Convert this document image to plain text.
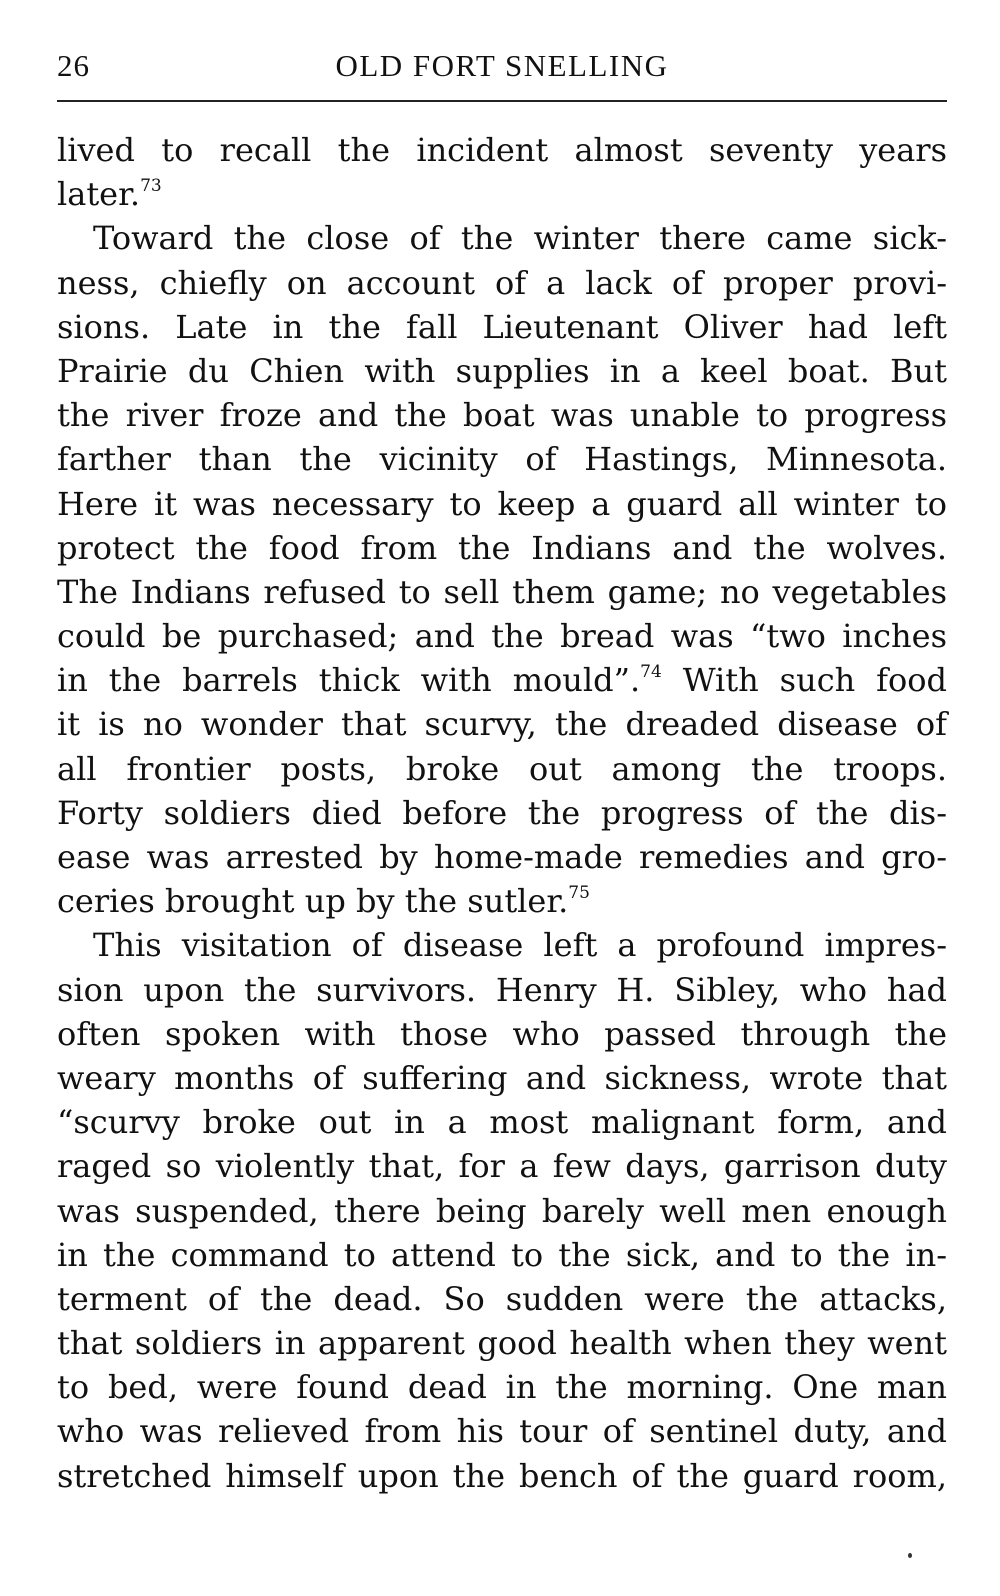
26	OLD FORT SNELLING
lived to recall the incident almost seventy years
later.$^{73}$
Toward the close of the winter there came sick-
ness, chiefly on account of a lack of proper provi-
sions. Late in the fall Lieutenant Oliver had left
Prairie du Chien with supplies in a keel boat. But
the river froze and the boat was unable to progress
farther than the vicinity of Hastings, Minnesota.
Here it was necessary to keep a guard all winter to
protect the food from the Indians and the wolves.
The Indians refused to sell them game; no vegetables
could be purchased; and the bread was “two inches
in the barrels thick with mould”.$^{74}$ With such food
it is no wonder that scurvy, the dreaded disease of
all frontier posts, broke out among the troops.
Forty soldiers died before the progress of the dis-
ease was arrested by home-made remedies and gro-
ceries brought up by the sutler.$^{75}$
This visitation of disease left a profound impres-
sion upon the survivors. Henry H. Sibley, who had
often spoken with those who passed through the
weary months of suffering and sickness, wrote that
“scurvy broke out in a most malignant form, and
raged so violently that, for a few days, garrison duty
was suspended, there being barely well men enough
in the command to attend to the sick, and to the in-
terment of the dead. So sudden were the attacks,
that soldiers in apparent good health when they went
to bed, were found dead in the morning. One man
who was relieved from his tour of sentinel duty, and
stretched himself upon the bench of the guard room,
